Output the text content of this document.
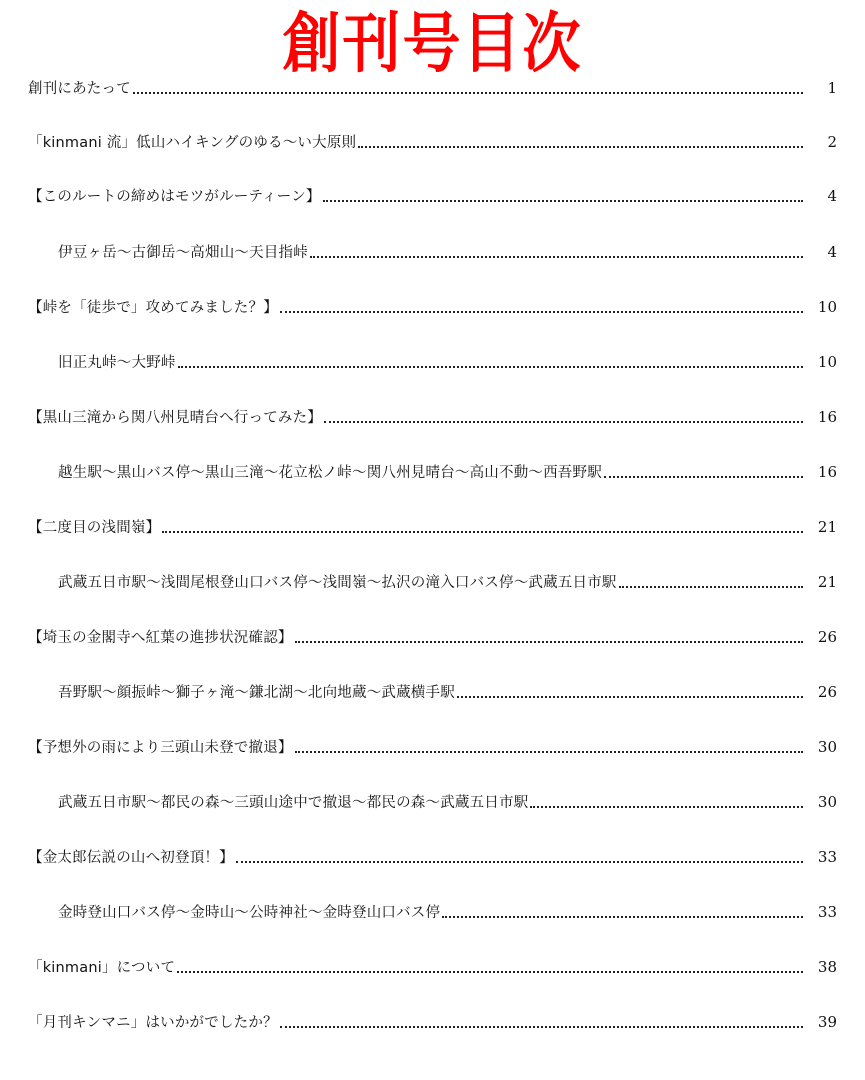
創刊号目次
創刊にあたって	1
「kinmani 流」低山ハイキングのゆる～い大原則	2
【このルートの締めはモツがルーティーン】	4
伊豆ヶ岳～古御岳～高畑山～天目指峠	4
【峠を「徒歩で」攻めてみました？】	10
旧正丸峠～大野峠	10
【黒山三滝から関八州見晴台へ行ってみた】	16
越生駅～黒山バス停～黒山三滝～花立松ノ峠～関八州見晴台～高山不動～西吾野駅	16
【二度目の浅間嶺】	21
武蔵五日市駅～浅間尾根登山口バス停～浅間嶺～払沢の滝入口バス停～武蔵五日市駅	21
【埼玉の金閣寺へ紅葉の進捗状況確認】	26
吾野駅～顔振峠～獅子ヶ滝～鎌北湖～北向地蔵～武蔵横手駅	26
【予想外の雨により三頭山未登で撤退】	30
武蔵五日市駅～都民の森～三頭山途中で撤退～都民の森～武蔵五日市駅	30
【金太郎伝説の山へ初登頂！】	33
金時登山口バス停～金時山～公時神社～金時登山口バス停	33
「kinmani」について	38
「月刊キンマニ」はいかがでしたか？	39
